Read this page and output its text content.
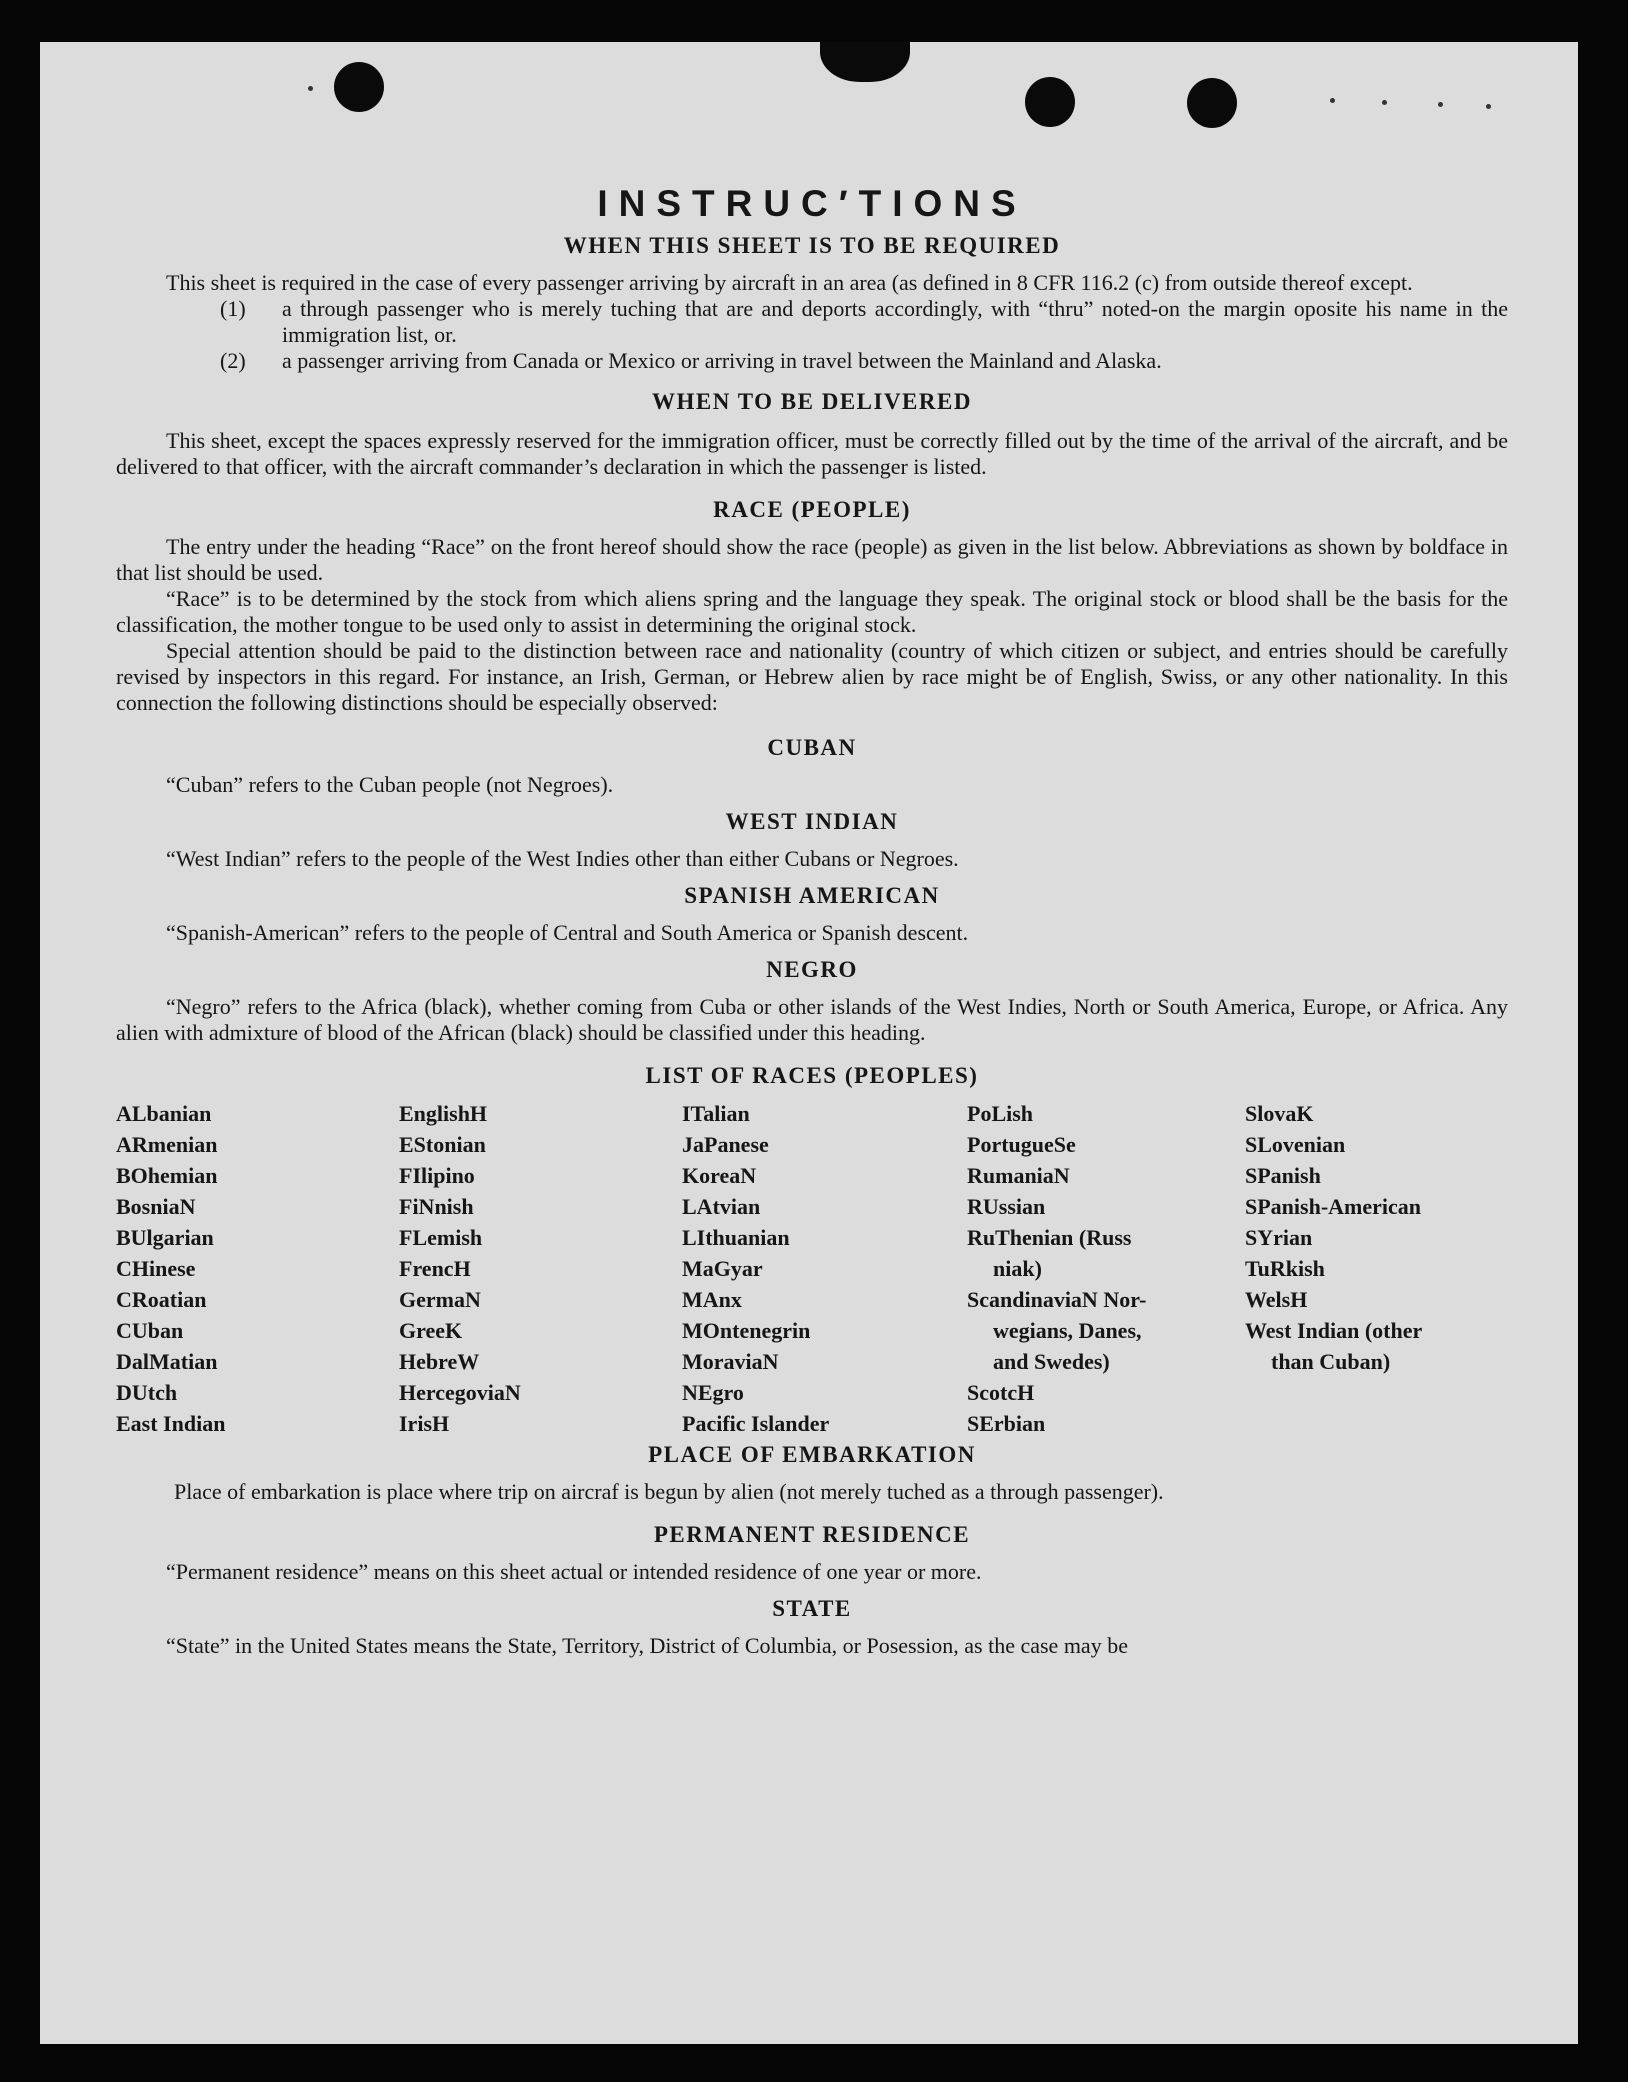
INSTRUC′TIONS
WHEN THIS SHEET IS TO BE REQUIRED

This sheet is required in the case of every passenger arriving by aircraft in an area (as defined in 8 CFR 116.2 (c) from outside thereof except.

(1) a through passenger who is merely tuching that are and deports accordingly, with “thru” noted-on the margin oposite his name in the immigration list, or.

(2) a passenger arriving from Canada or Mexico or arriving in travel between the Mainland and Alaska.

WHEN TO BE DELIVERED

This sheet, except the spaces expressly reserved for the immigration officer, must be correctly filled out by the time of the arrival of the aircraft, and be delivered to that officer, with the aircraft commander’s declaration in which the passenger is listed.

RACE (PEOPLE)

The entry under the heading “Race” on the front hereof should show the race (people) as given in the list below. Abbreviations as shown by boldface in that list should be used.

“Race” is to be determined by the stock from which aliens spring and the language they speak. The original stock or blood shall be the basis for the classification, the mother tongue to be used only to assist in determining the original stock.

Special attention should be paid to the distinction between race and nationality (country of which citizen or subject, and entries should be carefully revised by inspectors in this regard. For instance, an Irish, German, or Hebrew alien by race might be of English, Swiss, or any other nationality. In this connection the following distinctions should be especially observed:

CUBAN

“Cuban” refers to the Cuban people (not Negroes).

WEST INDIAN

“West Indian” refers to the people of the West Indies other than either Cubans or Negroes.

SPANISH AMERICAN

“Spanish-American” refers to the people of Central and South America or Spanish descent.

NEGRO

“Negro” refers to the Africa (black), whether coming from Cuba or other islands of the West Indies, North or South America, Europe, or Africa. Any alien with admixture of blood of the African (black) should be classified under this heading.

LIST OF RACES (PEOPLES)
ALbanian
ARmenian
BOhemian
BosniaN
BUlgarian
CHinese
CRoatian
CUban
DalMatian
DUtch
East Indian
EnglishH
EStonian
FIlipino
FiNnish
FLemish
FrencH
GermaN
GreeK
HebreW
HercegoviaN
IrisH
ITalian
JaPanese
KoreaN
LAtvian
LIthuanian
MaGyar
MAnx
MOntenegrin
MoraviaN
NEgro
Pacific Islander
PoLish
PortugueSe
RumaniaN
RUssian
RuThenian (Russ
niak)
ScandinaviaN Nor-
wegians, Danes,
and Swedes)
ScotcH
SErbian
SlovaK
SLovenian
SPanish
SPanish-American
SYrian
TuRkish
WelsH
West Indian (other
than Cuban)
PLACE OF EMBARKATION

Place of embarkation is place where trip on aircraf is begun by alien (not merely tuched as a through passenger).

PERMANENT RESIDENCE

“Permanent residence” means on this sheet actual or intended residence of one year or more.

STATE

“State” in the United States means the State, Territory, District of Columbia, or Posession, as the case may be
